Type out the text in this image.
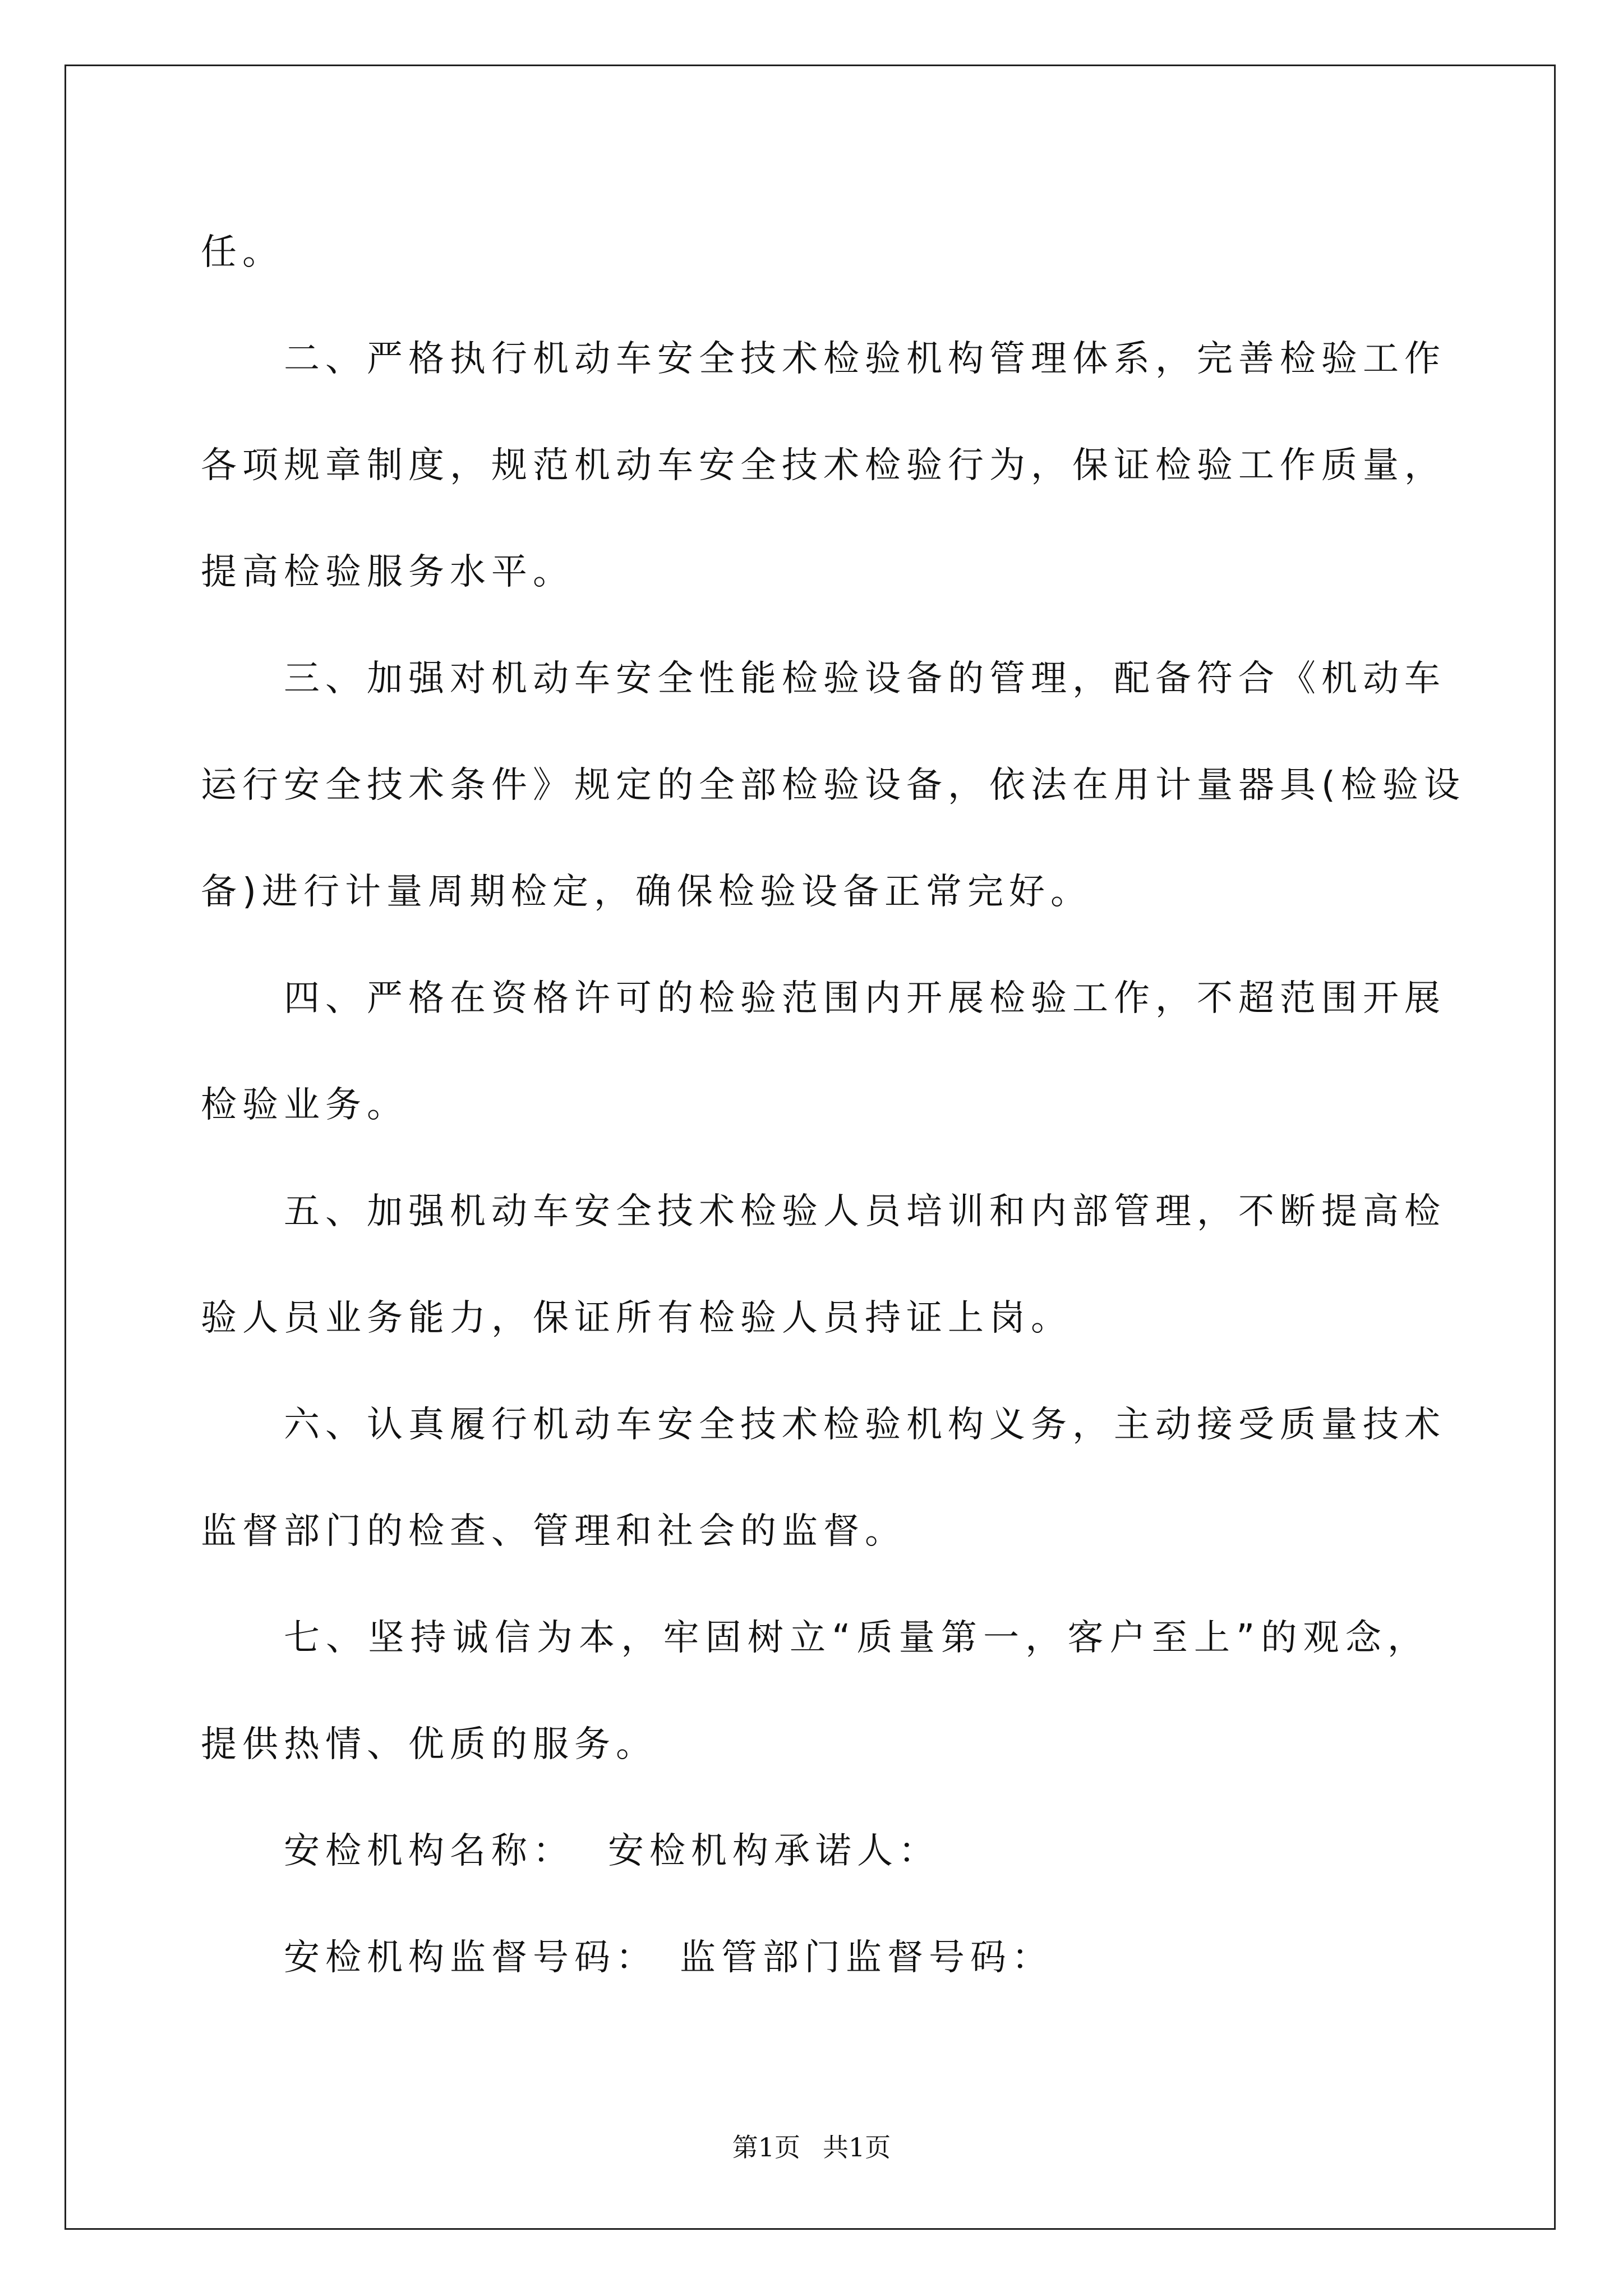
任。
二、严格执行机动车安全技术检验机构管理体系，完善检验工作
各项规章制度，规范机动车安全技术检验行为，保证检验工作质量，
提高检验服务水平。
三、加强对机动车安全性能检验设备的管理，配备符合《机动车
运行安全技术条件》规定的全部检验设备，依法在用计量器具(检验设
备)进行计量周期检定，确保检验设备正常完好。
四、严格在资格许可的检验范围内开展检验工作，不超范围开展
检验业务。
五、加强机动车安全技术检验人员培训和内部管理，不断提高检
验人员业务能力，保证所有检验人员持证上岗。
六、认真履行机动车安全技术检验机构义务，主动接受质量技术
监督部门的检查、管理和社会的监督。
七、坚持诚信为本，牢固树立“质量第一，客户至上”的观念，
提供热情、优质的服务。
安检机构名称： 安检机构承诺人：
安检机构监督号码： 监管部门监督号码：
第1页 共1页
